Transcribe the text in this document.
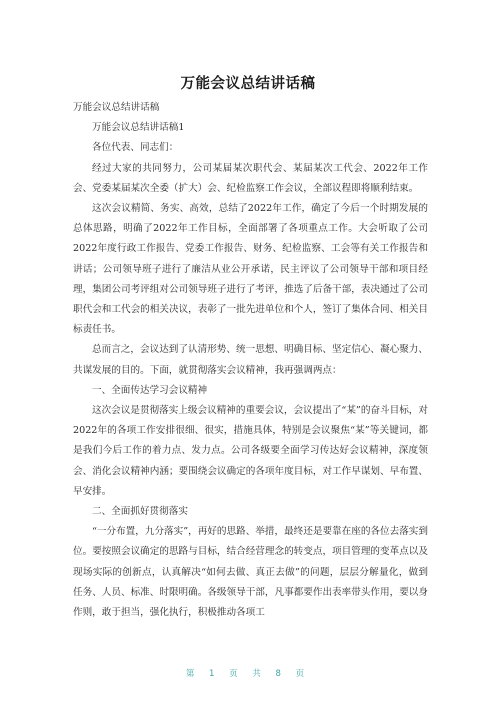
万能会议总结讲话稿

万能会议总结讲话稿

万能会议总结讲话稿1

各位代表、同志们：

经过大家的共同努力，公司某届某次职代会、某届某次工代会、2022年工作会、党委某届某次全委（扩大）会、纪检监察工作会议，全部议程即将顺利结束。

这次会议精简、务实、高效，总结了2022年工作，确定了今后一个时期发展的总体思路，明确了2022年工作目标，全面部署了各项重点工作。大会听取了公司2022年度行政工作报告、党委工作报告、财务、纪检监察、工会等有关工作报告和讲话；公司领导班子进行了廉洁从业公开承诺，民主评议了公司领导干部和项目经理，集团公司考评组对公司领导班子进行了考评，推选了后备干部，表决通过了公司职代会和工代会的相关决议，表彰了一批先进单位和个人，签订了集体合同、相关目标责任书。

总而言之，会议达到了认清形势、统一思想、明确目标、坚定信心、凝心聚力、共谋发展的目的。下面，就贯彻落实会议精神，我再强调两点：

一、全面传达学习会议精神

这次会议是贯彻落实上级会议精神的重要会议，会议提出了“某”的奋斗目标，对2022年的各项工作安排很细、很实，措施具体，特别是会议聚焦“某”等关键词，都是我们今后工作的着力点、发力点。公司各级要全面学习传达好会议精神，深度领会、消化会议精神内涵；要围绕会议确定的各项年度目标，对工作早谋划、早布置、早安排。

二、全面抓好贯彻落实

“一分布置，九分落实”，再好的思路、举措，最终还是要靠在座的各位去落实到位。要按照会议确定的思路与目标，结合经营理念的转变点，项目管理的变革点以及现场实际的创新点，认真解决“如何去做、真正去做”的问题，层层分解量化，做到任务、人员、标准、时限明确。各级领导干部，凡事都要作出表率带头作用，要以身作则，敢于担当，强化执行，积极推动各项工

第 1 页 共 8 页
